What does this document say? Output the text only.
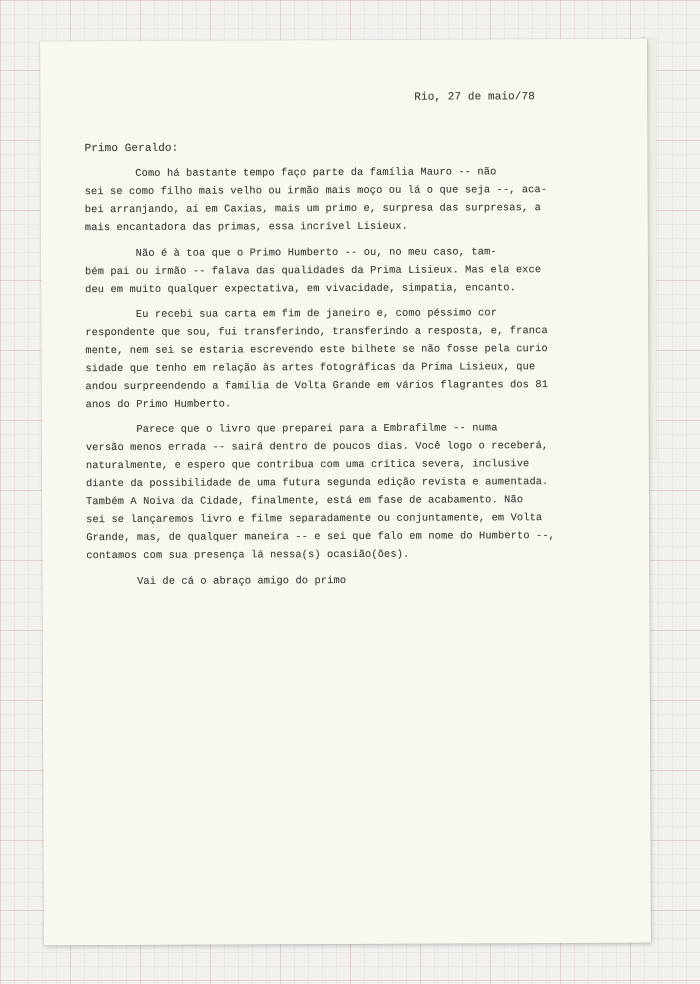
Rio, 27 de maio/78
Primo Geraldo:
Como há bastante tempo faço parte da família Mauro -- não
sei se como filho mais velho ou irmão mais moço ou lá o que seja --, aca-
bei arranjando, aí em Caxias, mais um primo e, surpresa das surpresas, a
mais encantadora das primas, essa incrível Lisieux.
Não é à toa que o Primo Humberto -- ou, no meu caso, tam-
bém pai ou irmão -- falava das qualidades da Prima Lisieux. Mas ela exce
deu em muito qualquer expectativa, em vivacidade, simpatia, encanto.
Eu recebi sua carta em fim de janeiro e, como péssimo cor
respondente que sou, fui transferindo, transferindo a resposta, e, franca
mente, nem sei se estaria escrevendo este bilhete se não fosse pela curio
sidade que tenho em relação às artes fotográficas da Prima Lisieux, que
andou surpreendendo a família de Volta Grande em vários flagrantes dos 81
anos do Primo Humberto.
Parece que o livro que preparei para a Embrafilme -- numa
versão menos errada -- sairá dentro de poucos dias. Você logo o receberá,
naturalmente, e espero que contribua com uma crítica severa, inclusive
diante da possibilidade de uma futura segunda edição revista e aumentada.
Também A Noiva da Cidade, finalmente, está em fase de acabamento. Não
sei se lançaremos livro e filme separadamente ou conjuntamente, em Volta
Grande, mas, de qualquer maneira -- e sei que falo em nome do Humberto --,
contamos com sua presença lá nessa(s) ocasião(ões).
Vai de cá o abraço amigo do primo
